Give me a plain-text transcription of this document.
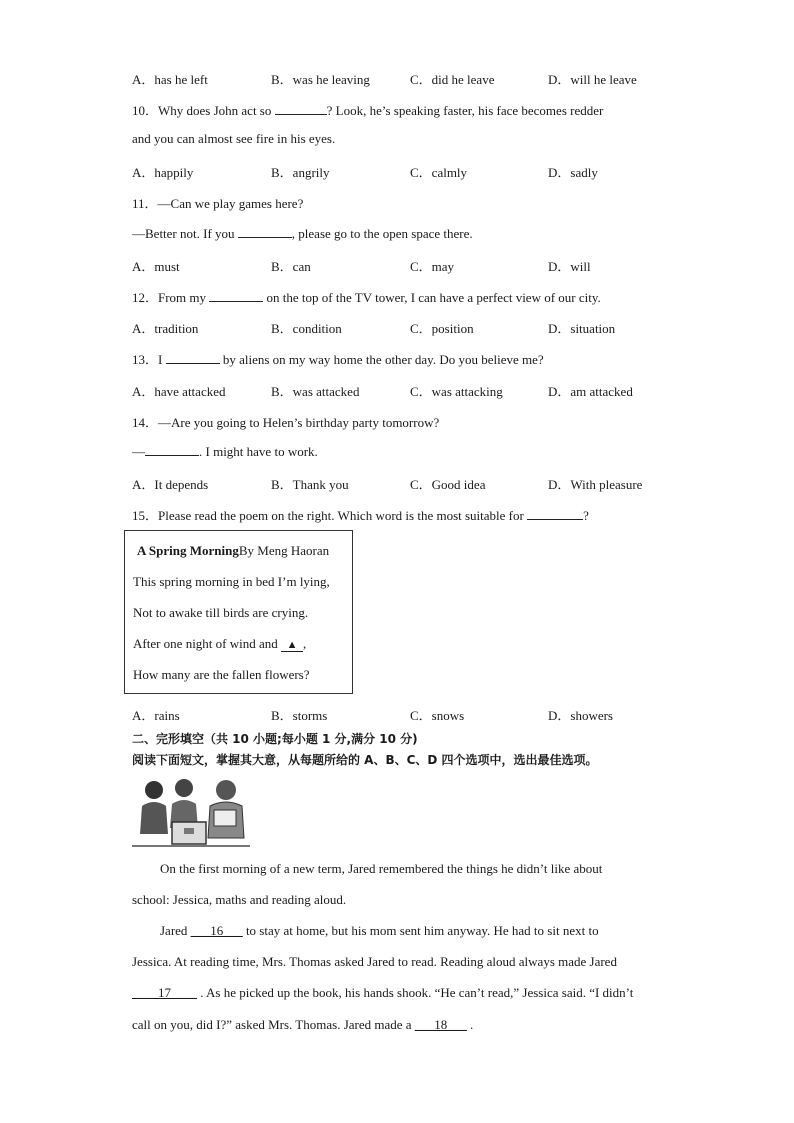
A．has he left	B．was he leaving	C．did he leave	D．will he leave
10．Why does John act so	? Look, he’s speaking faster, his face becomes redder
and you can almost see fire in his eyes.
A．happily	B．angrily	C．calmly	D．sadly
11．—Can we play games here?
—Better not. If you	, please go to the open space there.
A．must	B．can	C．may	D．will
12．From my	on the top of the TV tower, I can have a perfect view of our city.
A．tradition	B．condition	C．position	D．situation
13．I	by aliens on my way home the other day. Do you believe me?
A．have attacked	B．was attacked	C．was attacking	D．am attacked
14．—Are you going to Helen’s birthday party tomorrow?
—	. I might have to work.
A．It depends	B．Thank you	C．Good idea	D．With pleasure
15．Please read the poem on the right. Which word is the most suitable for	?
A Spring MorningBy Meng Haoran
This spring morning in bed I’m lying,
Not to awake till birds are crying.
After one night of wind and ▲ ,
How many are the fallen flowers?
A．rains	B．storms	C．snows	D．showers
二、完形填空（共 10 小题;每小题 1 分,满分 10 分)
阅读下面短文，掌握其大意，从每题所给的 A、B、C、D 四个选项中，选出最佳选项。
On the first morning of a new term, Jared remembered the things he didn’t like about
school: Jessica, maths and reading aloud.
Jared ___16___ to stay at home, but his mom sent him anyway. He had to sit next to
Jessica. At reading time, Mrs. Thomas asked Jared to read. Reading aloud always made Jared
____17____ . As he picked up the book, his hands shook. “He can’t read,” Jessica said. “I didn’t
call on you, did I?” asked Mrs. Thomas. Jared made a ___18___ .
